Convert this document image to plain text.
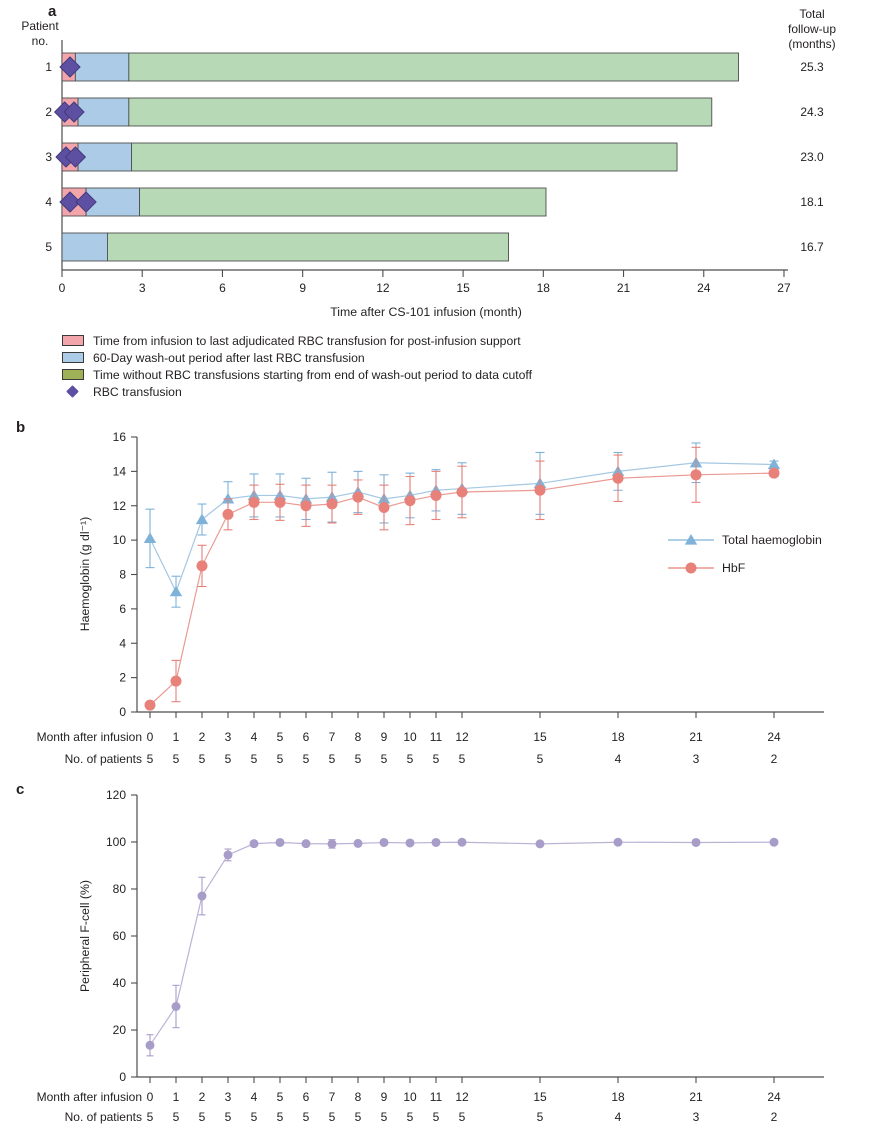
0	3	6	9	12	15	18	21	24	27
Time after CS-101 infusion (month)
Patient
no.
Total
follow-up
(months)
1	25.3
2	24.3
3	23.0
4	18.1
5	16.7
0
2
4
6
8
10
12
14
16
Haemoglobin (g dl⁻¹)	Total haemoglobin
HbF
Month after infusion 0 1 2 3 4 5 6 7 8 9 10 11 12	15	18	21	24
No. of patients 5 5 5 5 5 5 5 5 5 5 5 5 5	5	4	3	2
0
20
40
60
80
100
120
Peripheral F-cell (%)
Month after infusion 0 1 2 3 4 5 6 7 8 9 10 11 12	15	18	21	24
No. of patients 5 5 5 5 5 5 5 5 5 5 5 5 5	5	4	3	2
a
b
c
Time from infusion to last adjudicated RBC transfusion for post-infusion support
60-Day wash-out period after last RBC transfusion
Time without RBC transfusions starting from end of wash-out period to data cutoff
RBC transfusion
